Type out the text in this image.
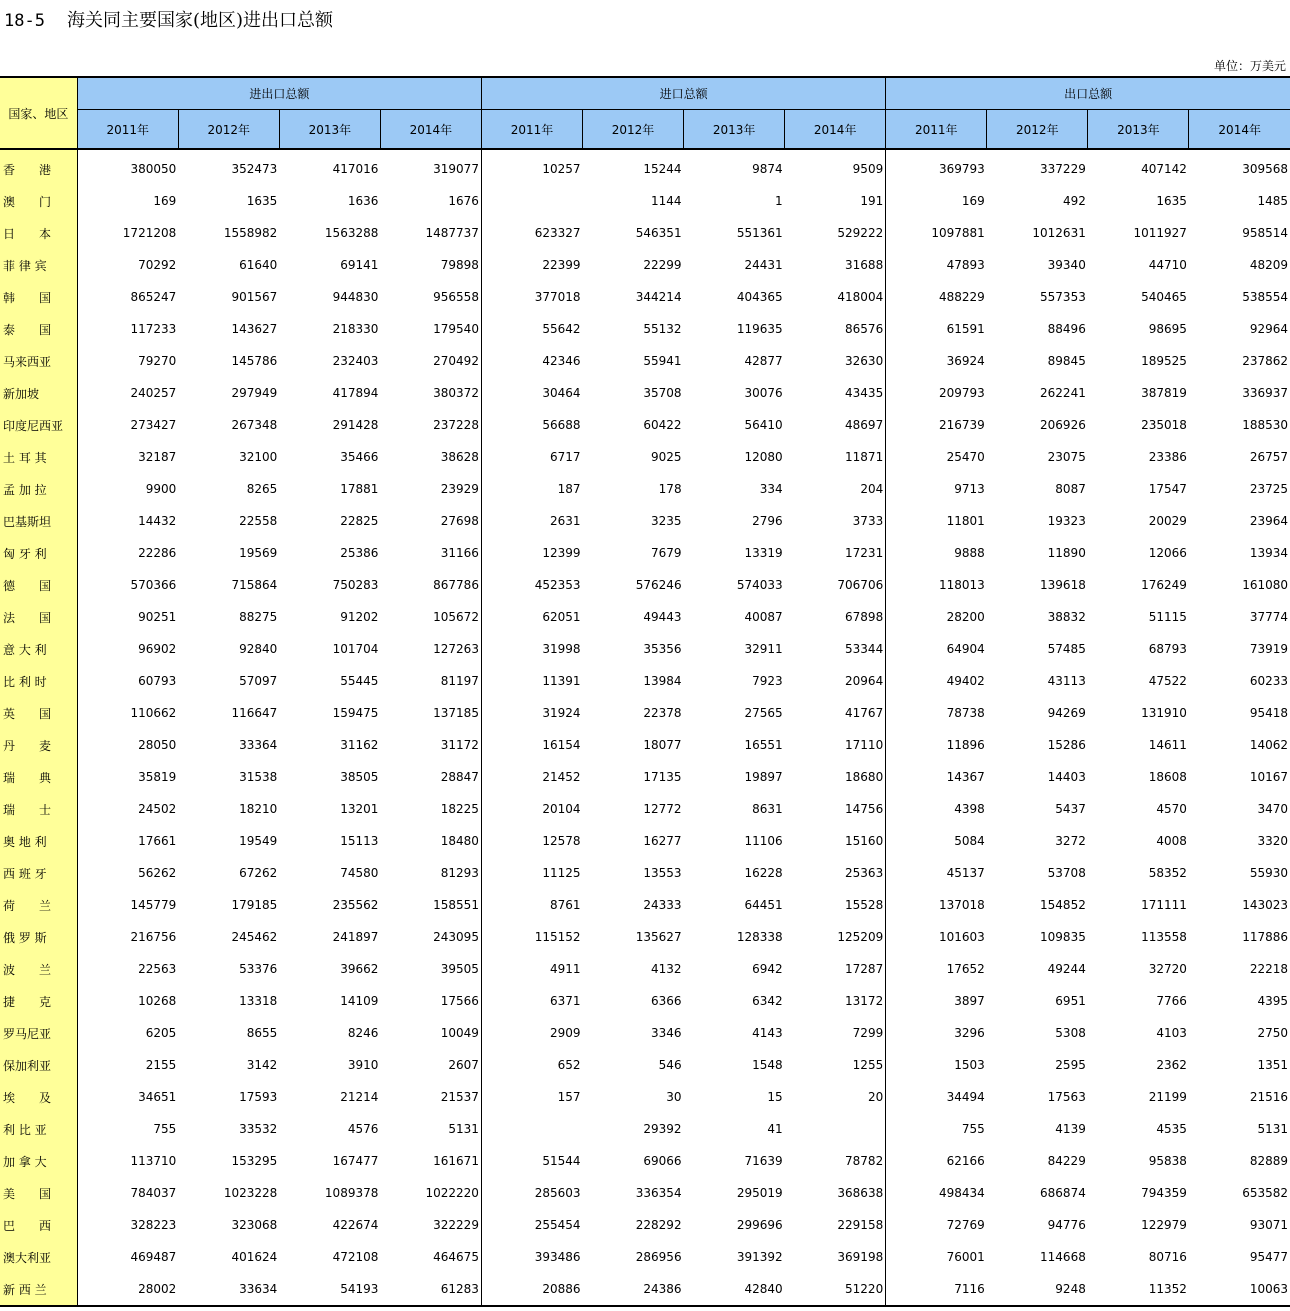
18-5 海关同主要国家(地区)进出口总额
单位：万美元
国家、地区	进出口总额				进口总额				出口总额			
	2011年	2012年	2013年	2014年	2011年	2012年	2013年	2014年	2011年	2012年	2013年	2014年
香　　港	380050	352473	417016	319077	10257	15244	9874	9509	369793	337229	407142	309568
澳　　门	169	1635	1636	1676		1144	1	191	169	492	1635	1485
日　　本	1721208	1558982	1563288	1487737	623327	546351	551361	529222	1097881	1012631	1011927	958514
菲 律 宾	70292	61640	69141	79898	22399	22299	24431	31688	47893	39340	44710	48209
韩　　国	865247	901567	944830	956558	377018	344214	404365	418004	488229	557353	540465	538554
泰　　国	117233	143627	218330	179540	55642	55132	119635	86576	61591	88496	98695	92964
马来西亚	79270	145786	232403	270492	42346	55941	42877	32630	36924	89845	189525	237862
新加坡	240257	297949	417894	380372	30464	35708	30076	43435	209793	262241	387819	336937
印度尼西亚	273427	267348	291428	237228	56688	60422	56410	48697	216739	206926	235018	188530
土 耳 其	32187	32100	35466	38628	6717	9025	12080	11871	25470	23075	23386	26757
孟 加 拉	9900	8265	17881	23929	187	178	334	204	9713	8087	17547	23725
巴基斯坦	14432	22558	22825	27698	2631	3235	2796	3733	11801	19323	20029	23964
匈 牙 利	22286	19569	25386	31166	12399	7679	13319	17231	9888	11890	12066	13934
德　　国	570366	715864	750283	867786	452353	576246	574033	706706	118013	139618	176249	161080
法　　国	90251	88275	91202	105672	62051	49443	40087	67898	28200	38832	51115	37774
意 大 利	96902	92840	101704	127263	31998	35356	32911	53344	64904	57485	68793	73919
比 利 时	60793	57097	55445	81197	11391	13984	7923	20964	49402	43113	47522	60233
英　　国	110662	116647	159475	137185	31924	22378	27565	41767	78738	94269	131910	95418
丹　　麦	28050	33364	31162	31172	16154	18077	16551	17110	11896	15286	14611	14062
瑞　　典	35819	31538	38505	28847	21452	17135	19897	18680	14367	14403	18608	10167
瑞　　士	24502	18210	13201	18225	20104	12772	8631	14756	4398	5437	4570	3470
奥 地 利	17661	19549	15113	18480	12578	16277	11106	15160	5084	3272	4008	3320
西 班 牙	56262	67262	74580	81293	11125	13553	16228	25363	45137	53708	58352	55930
荷　　兰	145779	179185	235562	158551	8761	24333	64451	15528	137018	154852	171111	143023
俄 罗 斯	216756	245462	241897	243095	115152	135627	128338	125209	101603	109835	113558	117886
波　　兰	22563	53376	39662	39505	4911	4132	6942	17287	17652	49244	32720	22218
捷　　克	10268	13318	14109	17566	6371	6366	6342	13172	3897	6951	7766	4395
罗马尼亚	6205	8655	8246	10049	2909	3346	4143	7299	3296	5308	4103	2750
保加利亚	2155	3142	3910	2607	652	546	1548	1255	1503	2595	2362	1351
埃　　及	34651	17593	21214	21537	157	30	15	20	34494	17563	21199	21516
利 比 亚	755	33532	4576	5131		29392	41		755	4139	4535	5131
加 拿 大	113710	153295	167477	161671	51544	69066	71639	78782	62166	84229	95838	82889
美　　国	784037	1023228	1089378	1022220	285603	336354	295019	368638	498434	686874	794359	653582
巴　　西	328223	323068	422674	322229	255454	228292	299696	229158	72769	94776	122979	93071
澳大利亚	469487	401624	472108	464675	393486	286956	391392	369198	76001	114668	80716	95477
新 西 兰	28002	33634	54193	61283	20886	24386	42840	51220	7116	9248	11352	10063
